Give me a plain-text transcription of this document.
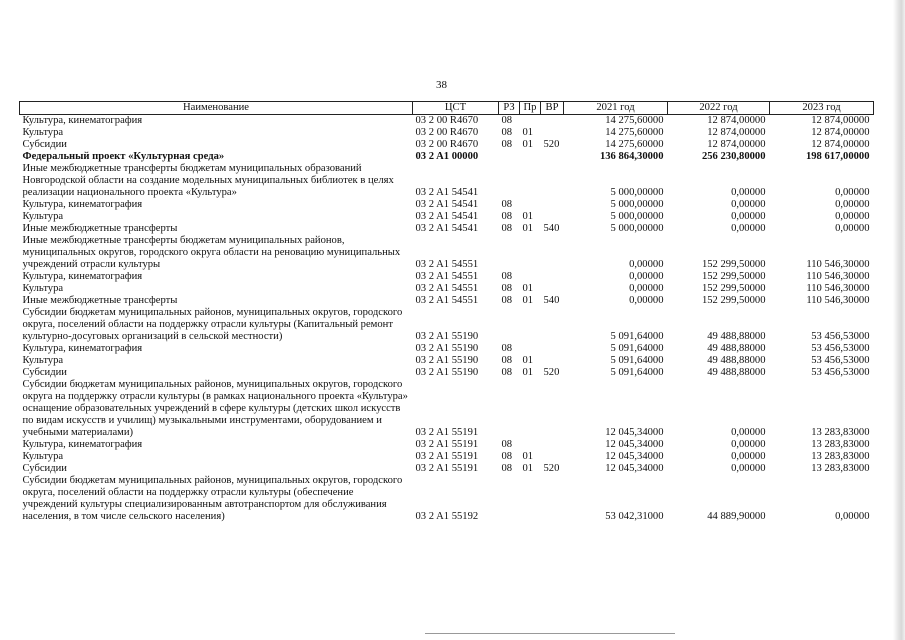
38
Наименование	ЦСТ	РЗ	Пр	ВР	2021 год	2022 год	2023 год
Культура, кинематография	03 2 00 R4670	08			14 275,60000	12 874,00000	12 874,00000
Культура	03 2 00 R4670	08	01		14 275,60000	12 874,00000	12 874,00000
Субсидии	03 2 00 R4670	08	01	520	14 275,60000	12 874,00000	12 874,00000
Федеральный проект «Культурная среда»	03 2 A1 00000				136 864,30000	256 230,80000	198 617,00000
Иные межбюджетные трансферты бюджетам муниципальных образований Новгородской области на создание модельных муниципальных библиотек в целях реализации национального проекта «Культура»	03 2 A1 54541				5 000,00000	0,00000	0,00000
Культура, кинематография	03 2 A1 54541	08			5 000,00000	0,00000	0,00000
Культура	03 2 A1 54541	08	01		5 000,00000	0,00000	0,00000
Иные межбюджетные трансферты	03 2 A1 54541	08	01	540	5 000,00000	0,00000	0,00000
Иные межбюджетные трансферты бюджетам муниципальных районов, муниципальных округов, городского округа области на реновацию муниципальных учреждений отрасли культуры	03 2 A1 54551				0,00000	152 299,50000	110 546,30000
Культура, кинематография	03 2 A1 54551	08			0,00000	152 299,50000	110 546,30000
Культура	03 2 A1 54551	08	01		0,00000	152 299,50000	110 546,30000
Иные межбюджетные трансферты	03 2 A1 54551	08	01	540	0,00000	152 299,50000	110 546,30000
Субсидии бюджетам муниципальных районов, муниципальных округов, городского округа, поселений области на поддержку отрасли культуры (Капитальный ремонт культурно-досуговых организаций в сельской местности)	03 2 A1 55190				5 091,64000	49 488,88000	53 456,53000
Культура, кинематография	03 2 A1 55190	08			5 091,64000	49 488,88000	53 456,53000
Культура	03 2 A1 55190	08	01		5 091,64000	49 488,88000	53 456,53000
Субсидии	03 2 A1 55190	08	01	520	5 091,64000	49 488,88000	53 456,53000
Субсидии бюджетам муниципальных районов, муниципальных округов, городского округа на поддержку отрасли культуры (в рамках национального проекта «Культура» оснащение образовательных учреждений в сфере культуры (детских школ искусств по видам искусств и училищ) музыкальными инструментами, оборудованием и учебными материалами)	03 2 A1 55191				12 045,34000	0,00000	13 283,83000
Культура, кинематография	03 2 A1 55191	08			12 045,34000	0,00000	13 283,83000
Культура	03 2 A1 55191	08	01		12 045,34000	0,00000	13 283,83000
Субсидии	03 2 A1 55191	08	01	520	12 045,34000	0,00000	13 283,83000
Субсидии бюджетам муниципальных районов, муниципальных округов, городского округа, поселений области на поддержку отрасли культуры (обеспечение учреждений культуры специализированным автотранспортом для обслуживания населения, в том числе сельского населения)	03 2 A1 55192				53 042,31000	44 889,90000	0,00000
